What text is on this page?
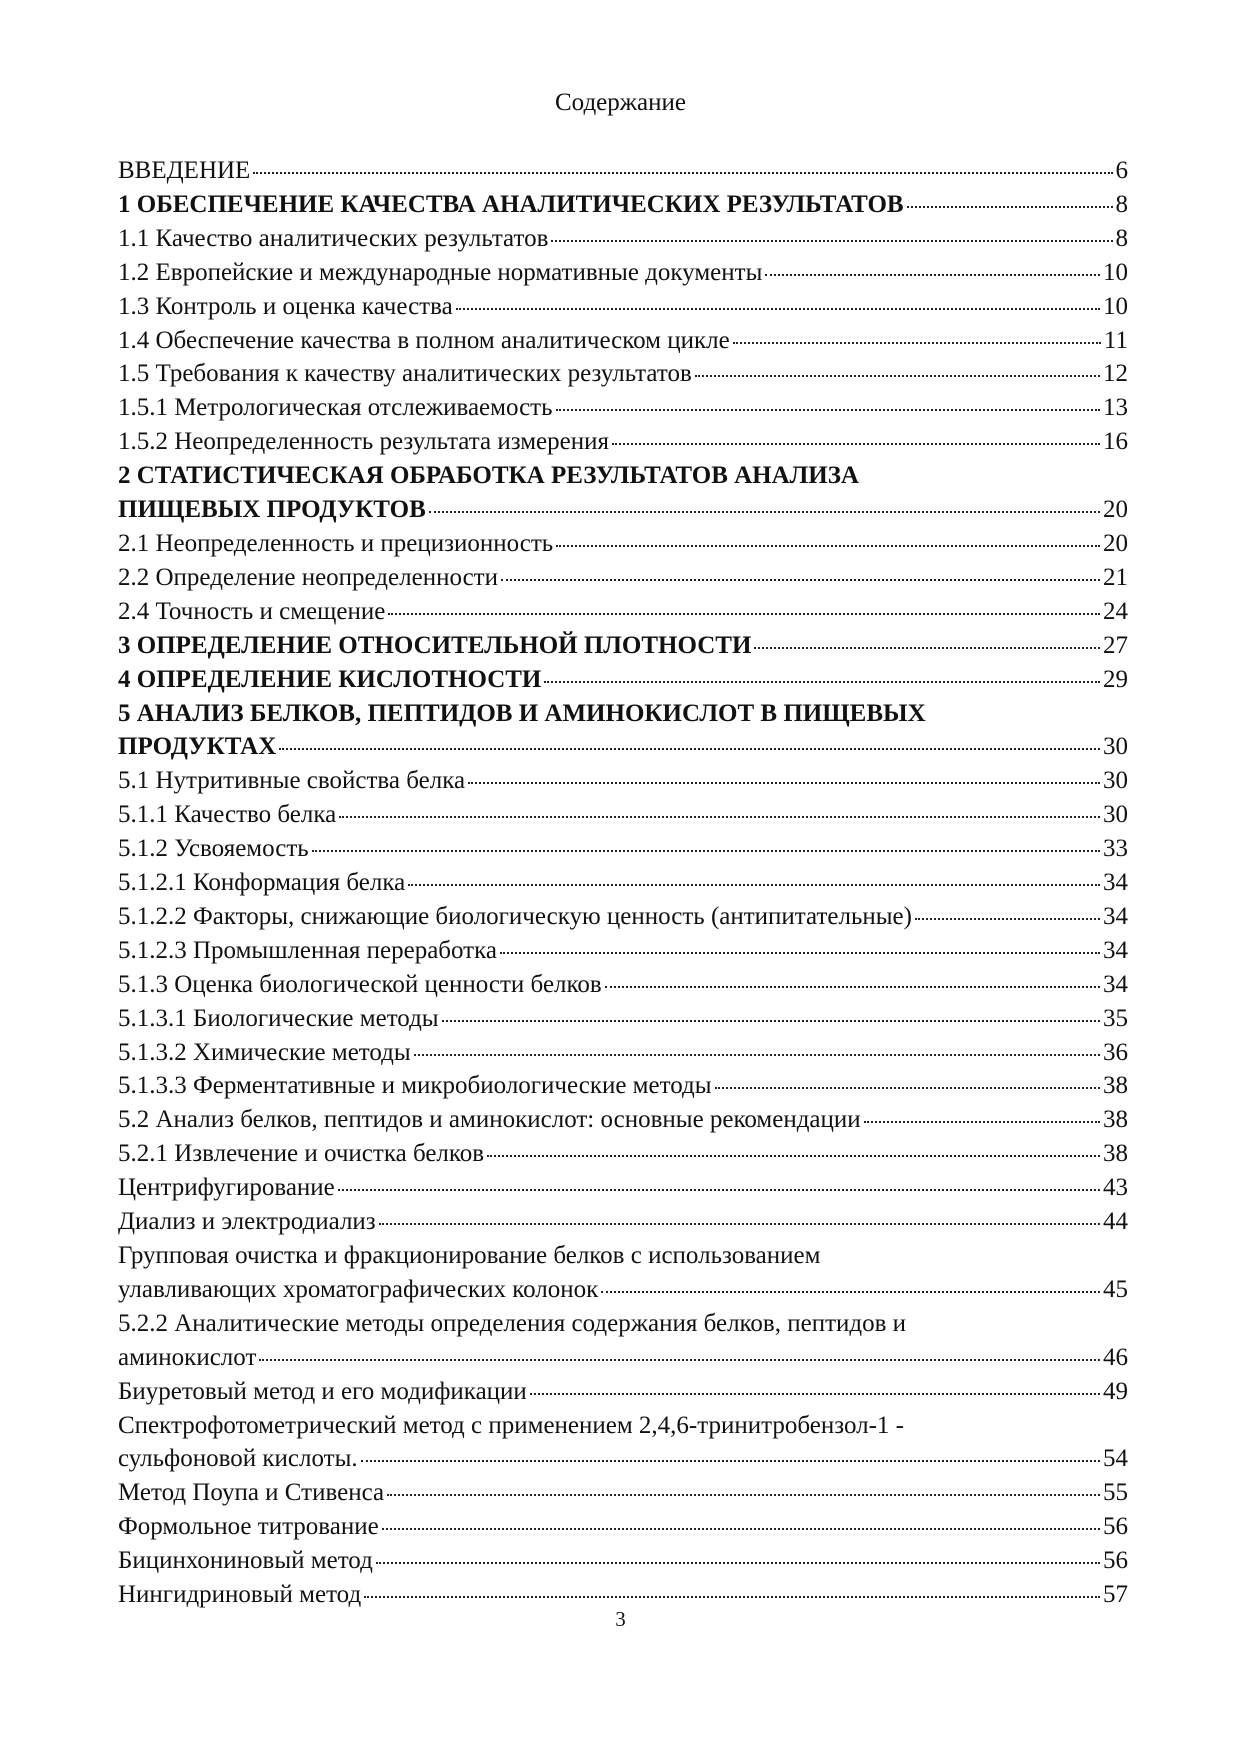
Содержание
ВВЕДЕНИЕ	6
1 ОБЕСПЕЧЕНИЕ КАЧЕСТВА АНАЛИТИЧЕСКИХ РЕЗУЛЬТАТОВ	8
1.1 Качество аналитических результатов	8
1.2 Европейские и международные нормативные документы	10
1.3 Контроль и оценка качества	10
1.4 Обеспечение качества в полном аналитическом цикле	11
1.5 Требования к качеству аналитических результатов	12
1.5.1 Метрологическая отслеживаемость	13
1.5.2 Неопределенность результата измерения	16
2 СТАТИСТИЧЕСКАЯ ОБРАБОТКА РЕЗУЛЬТАТОВ АНАЛИЗА
ПИЩЕВЫХ ПРОДУКТОВ	20
2.1 Неопределенность и прецизионность	20
2.2 Определение неопределенности	21
2.4 Точность и смещение	24
3 ОПРЕДЕЛЕНИЕ ОТНОСИТЕЛЬНОЙ ПЛОТНОСТИ	27
4 ОПРЕДЕЛЕНИЕ КИСЛОТНОСТИ	29
5 АНАЛИЗ БЕЛКОВ, ПЕПТИДОВ И АМИНОКИСЛОТ В ПИЩЕВЫХ
ПРОДУКТАХ	30
5.1 Нутритивные свойства белка	30
5.1.1 Качество белка	30
5.1.2 Усвояемость	33
5.1.2.1 Конформация белка	34
5.1.2.2 Факторы, снижающие биологическую ценность (антипитательные)	34
5.1.2.3 Промышленная переработка	34
5.1.3 Оценка биологической ценности белков	34
5.1.3.1 Биологические методы	35
5.1.3.2 Химические методы	36
5.1.3.3 Ферментативные и микробиологические методы	38
5.2 Анализ белков, пептидов и аминокислот: основные рекомендации	38
5.2.1 Извлечение и очистка белков	38
Центрифугирование	43
Диализ и электродиализ	44
Групповая очистка и фракционирование белков с использованием
улавливающих хроматографических колонок	45
5.2.2 Аналитические методы определения содержания белков, пептидов и
аминокислот	46
Биуретовый метод и его модификации	49
Спектрофотометрический метод с применением 2,4,6-тринитробензол-1 -
сульфоновой кислоты.	54
Метод Поупа и Стивенса	55
Формольное титрование	56
Бицинхониновый метод	56
Нингидриновый метод	57
3
